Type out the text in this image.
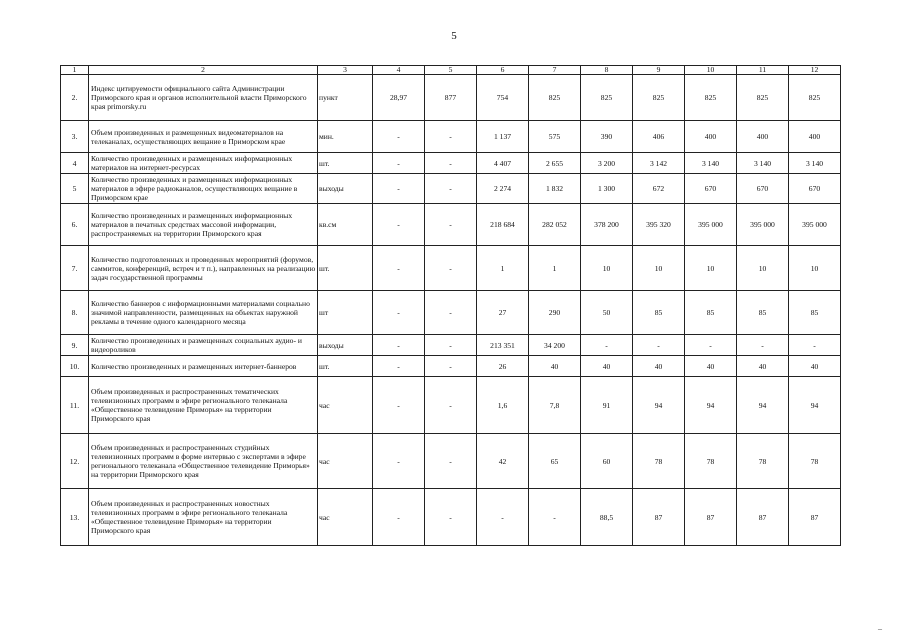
5
1	2	3	4	5	6	7	8	9	10	11	12
2.	Индекс цитируемости официального сайта Администрации Приморского края и органов исполнительной власти Приморского края primorsky.ru	пункт	28,97	877	754	825	825	825	825	825	825
3.	Объем произведенных и размещенных видеоматериалов на телеканалах, осуществляющих вещание в Приморском крае	мин.	-	-	1 137	575	390	406	400	400	400
4	Количество произведенных и размещенных информационных материалов на интернет-ресурсах	шт.	-	-	4 407	2 655	3 200	3 142	3 140	3 140	3 140
5	Количество произведенных и размещенных информационных материалов в эфире радиоканалов, осуществляющих вещание в Приморском крае	выходы	-	-	2 274	1 832	1 300	672	670	670	670
6.	Количество произведенных и размещенных информационных материалов в печатных средствах массовой информации, распространяемых на территории Приморского края	кв.см	-	-	218 684	282 052	378 200	395 320	395 000	395 000	395 000
7.	Количество подготовленных и проведенных мероприятий (форумов, саммитов, конференций, встреч и т п.), направленных на реализацию задач государственной программы	шт.	-	-	1	1	10	10	10	10	10
8.	Количество баннеров с информационными материалами социально значимой направленности, размещенных на объектах наружной рекламы в течение одного календарного месяца	шт	-	-	27	290	50	85	85	85	85
9.	Количество произведенных и размещенных социальных аудио- и видеороликов	выходы	-	-	213 351	34 200	-	-	-	-	-
10.	Количество произведенных и размещенных интернет-баннеров	шт.	-	-	26	40	40	40	40	40	40
11.	Объем произведенных и распространенных тематических телевизионных программ в эфире регионального телеканала «Общественное телевидение Приморья» на территории Приморского края	час	-	-	1,6	7,8	91	94	94	94	94
12.	Объем произведенных и распространенных студийных телевизионных программ в форме интервью с экспертами в эфире регионального телеканала «Общественное телевидение Приморья» на территории Приморского края	час	-	-	42	65	60	78	78	78	78
13.	Объем произведенных и распространенных новостных телевизионных программ в эфире регионального телеканала «Общественное телевидение Приморья» на территории Приморского края	час	-	-	-	-	88,5	87	87	87	87
_
